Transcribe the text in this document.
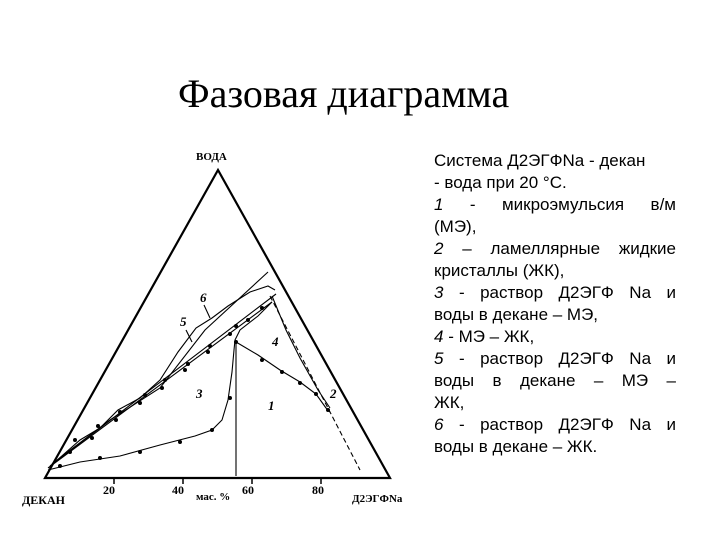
Фазовая диаграмма
ВОДА
ДЕКАН	Д2ЭГФNa
20	40	60	80
мас. %
1
2
3
4
5
6

Система Д2ЭГФNa - декан
- вода при 20 °С.
1 - микроэмульсия в/м
(МЭ),
2 – ламеллярные жидкие
кристаллы (ЖК),
3 - раствор Д2ЭГФ Na и
воды в декане – МЭ,
4 - МЭ – ЖК,
5 - раствор Д2ЭГФ Na и
воды в декане – МЭ –
ЖК,
6 - раствор Д2ЭГФ Na и
воды в декане – ЖК.
